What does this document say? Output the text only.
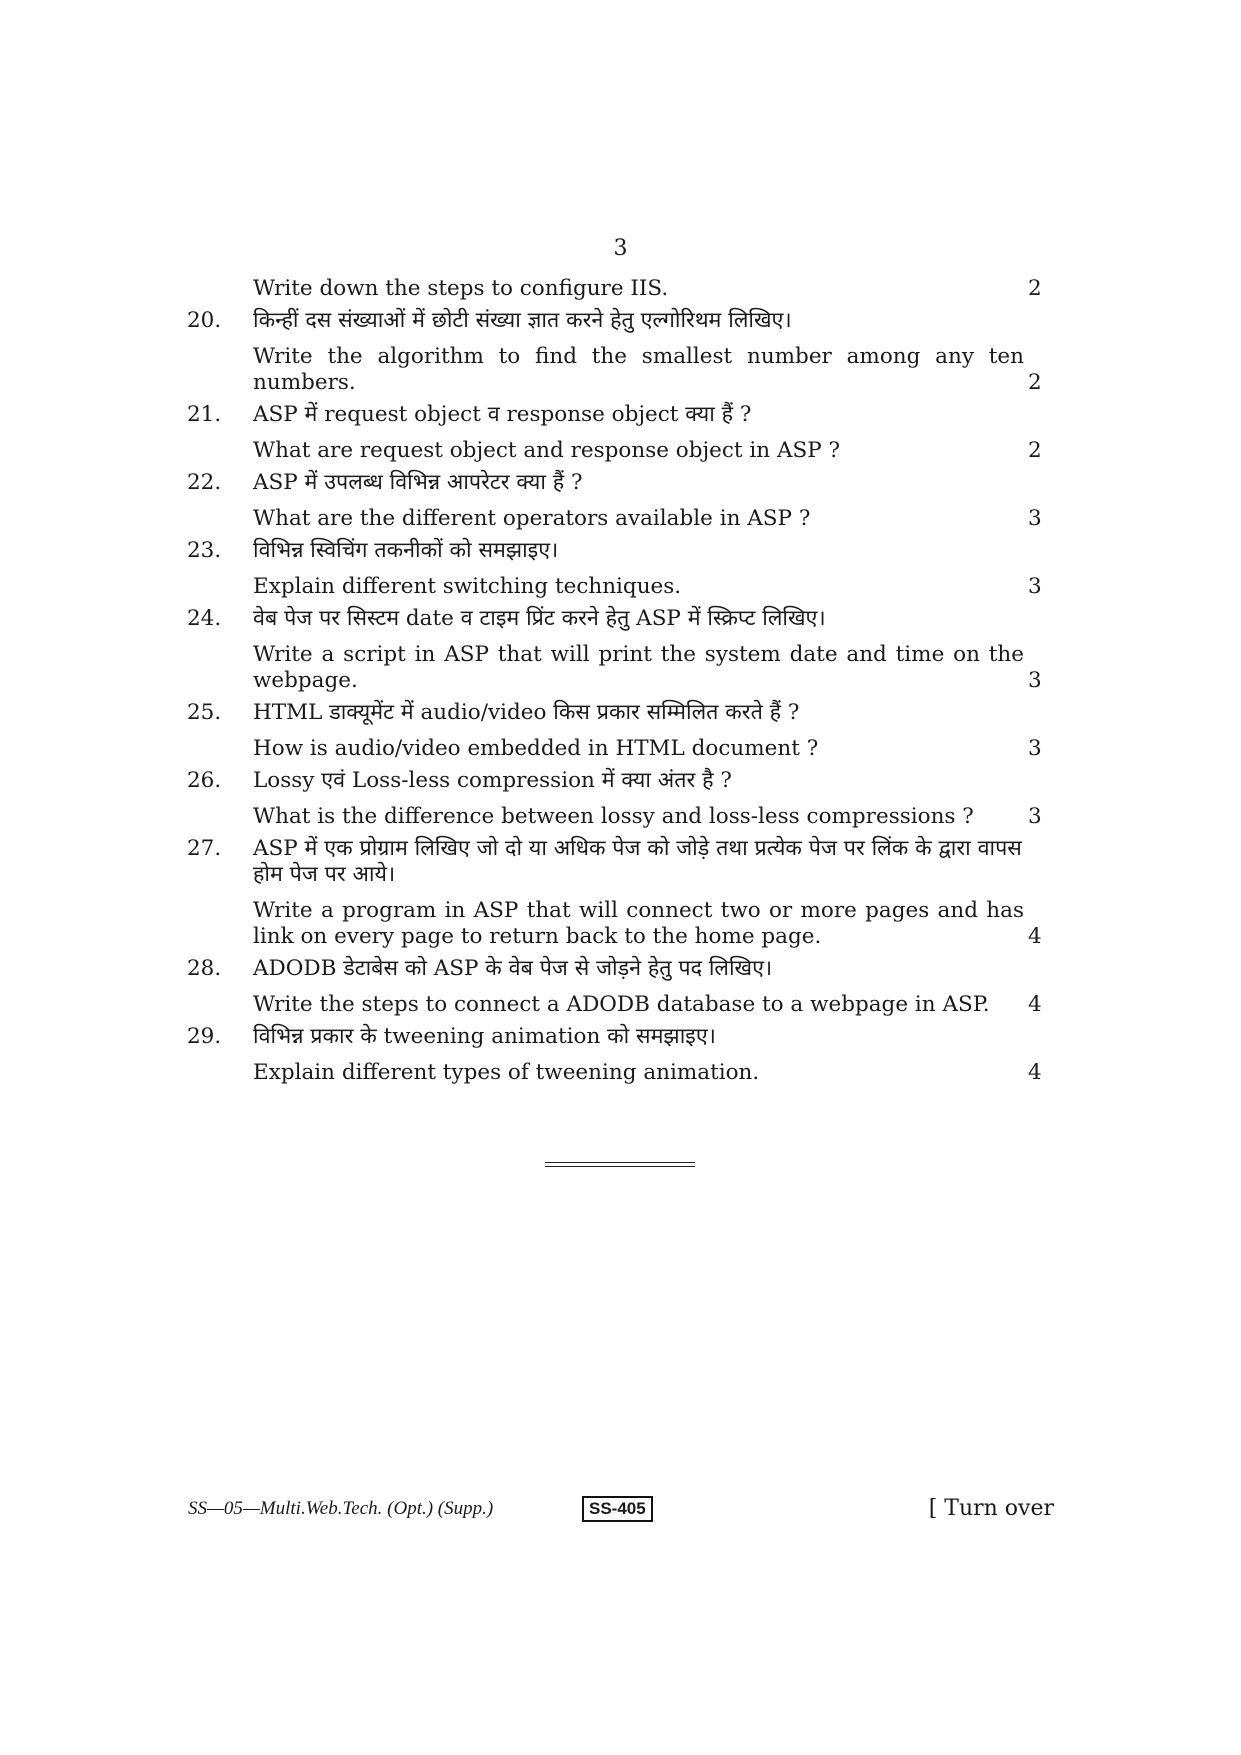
3
Write down the steps to configure IIS.	2
20.	किन्हीं दस संख्याओं में छोटी संख्या ज्ञात करने हेतु एल्गोरिथम लिखिए।
Write the algorithm to find the smallest number among any ten numbers.	2
21.	ASP में request object व response object क्या हैं ?
What are request object and response object in ASP ?	2
22.	ASP में उपलब्ध विभिन्न आपरेटर क्या हैं ?
What are the different operators available in ASP ?	3
23.	विभिन्न स्विचिंग तकनीकों को समझाइए।
Explain different switching techniques.	3
24.	वेब पेज पर सिस्टम date व टाइम प्रिंट करने हेतु ASP में स्क्रिप्ट लिखिए।
Write a script in ASP that will print the system date and time on the webpage.	3
25.	HTML डाक्यूमेंट में audio/video किस प्रकार सम्मिलित करते हैं ?
How is audio/video embedded in HTML document ?	3
26.	Lossy एवं Loss-less compression में क्या अंतर है ?
What is the difference between lossy and loss-less compressions ?	3
27.	ASP में एक प्रोग्राम लिखिए जो दो या अधिक पेज को जोड़े तथा प्रत्येक पेज पर लिंक के द्वारा वापस होम पेज पर आये।
Write a program in ASP that will connect two or more pages and has link on every page to return back to the home page.	4
28.	ADODB डेटाबेस को ASP के वेब पेज से जोड़ने हेतु पद लिखिए।
Write the steps to connect a ADODB database to a webpage in ASP. 4
29.	विभिन्न प्रकार के tweening animation को समझाइए।
Explain different types of tweening animation.	4
SS—05—Multi.Web.Tech. (Opt.) (Supp.)	SS-405	[ Turn over
